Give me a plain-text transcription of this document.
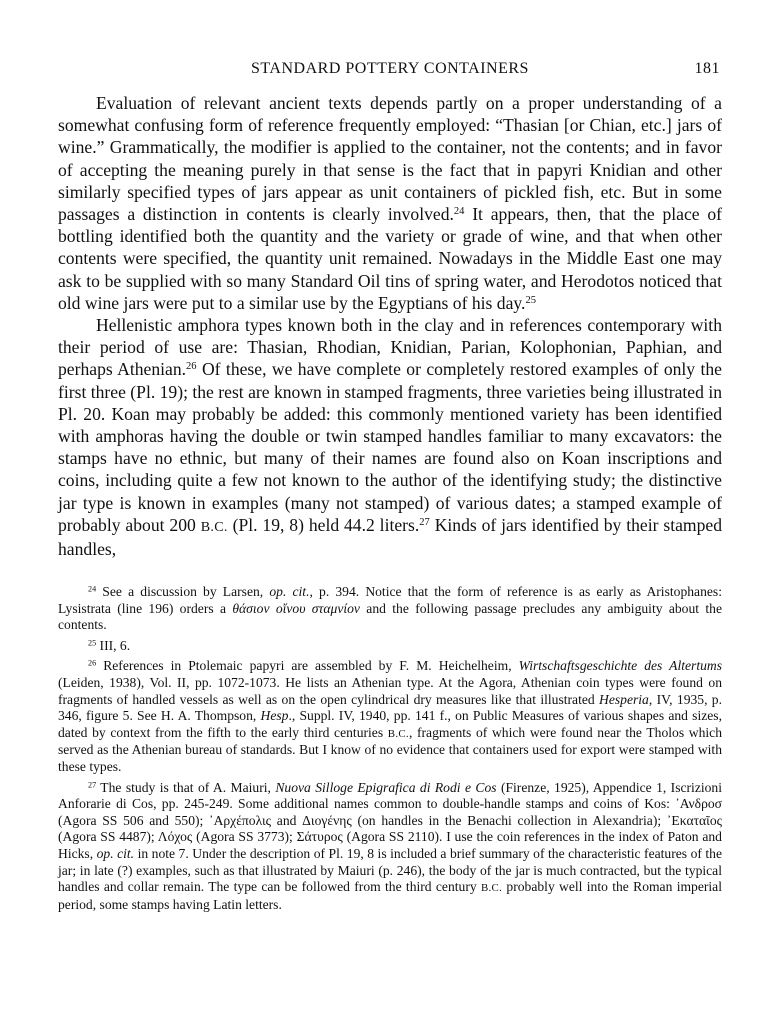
STANDARD POTTERY CONTAINERS	181

Evaluation of relevant ancient texts depends partly on a proper understanding of a somewhat confusing form of reference frequently employed: “Thasian [or Chian, etc.] jars of wine.” Grammatically, the modifier is applied to the container, not the contents; and in favor of accepting the meaning purely in that sense is the fact that in papyri Knidian and other similarly specified types of jars appear as unit containers of pickled fish, etc. But in some passages a distinction in contents is clearly involved.$^{24}$ It appears, then, that the place of bottling identified both the quantity and the variety or grade of wine, and that when other contents were specified, the quantity unit remained. Nowadays in the Middle East one may ask to be supplied with so many Standard Oil tins of spring water, and Herodotos noticed that old wine jars were put to a similar use by the Egyptians of his day.$^{25}$

Hellenistic amphora types known both in the clay and in references contemporary with their period of use are: Thasian, Rhodian, Knidian, Parian, Kolophonian, Paphian, and perhaps Athenian.$^{26}$ Of these, we have complete or completely restored examples of only the first three (Pl. 19); the rest are known in stamped fragments, three varieties being illustrated in Pl. 20. Koan may probably be added: this commonly mentioned variety has been identified with amphoras having the double or twin stamped handles familiar to many excavators: the stamps have no ethnic, but many of their names are found also on Koan inscriptions and coins, including quite a few not known to the author of the identifying study; the distinctive jar type is known in examples (many not stamped) of various dates; a stamped example of probably about 200 B.C. (Pl. 19, 8) held 44.2 liters.$^{27}$ Kinds of jars identified by their stamped handles,

$^{24}$ See a discussion by Larsen, op. cit., p. 394. Notice that the form of reference is as early as Aristophanes: Lysistrata (line 196) orders a θάσιον οἴνου σταμνίον and the following passage precludes any ambiguity about the contents.

$^{25}$ III, 6.

$^{26}$ References in Ptolemaic papyri are assembled by F. M. Heichelheim, Wirtschaftsgeschichte des Altertums (Leiden, 1938), Vol. II, pp. 1072-1073. He lists an Athenian type. At the Agora, Athenian coin types were found on fragments of handled vessels as well as on the open cylindrical dry measures like that illustrated Hesperia, IV, 1935, p. 346, figure 5. See H. A. Thompson, Hesp., Suppl. IV, 1940, pp. 141 f., on Public Measures of various shapes and sizes, dated by context from the fifth to the early third centuries B.C., fragments of which were found near the Tholos which served as the Athenian bureau of standards. But I know of no evidence that containers used for export were stamped with these types.

$^{27}$ The study is that of A. Maiuri, Nuova Silloge Epigrafica di Rodi e Cos (Firenze, 1925), Appendice 1, Iscrizioni Anforarie di Cos, pp. 245-249. Some additional names common to double-handle stamps and coins of Kos: ᾿Ανδροσ (Agora SS 506 and 550); ᾿Αρχέπολις and Διογένης (on handles in the Benachi collection in Alexandria); ᾿Εκαταῖος (Agora SS 4487); Λόχος (Agora SS 3773); Σάτυρος (Agora SS 2110). I use the coin references in the index of Paton and Hicks, op. cit. in note 7. Under the description of Pl. 19, 8 is included a brief summary of the characteristic features of the jar; in late (?) examples, such as that illustrated by Maiuri (p. 246), the body of the jar is much contracted, but the typical handles and collar remain. The type can be followed from the third century B.C. probably well into the Roman imperial period, some stamps having Latin letters.
